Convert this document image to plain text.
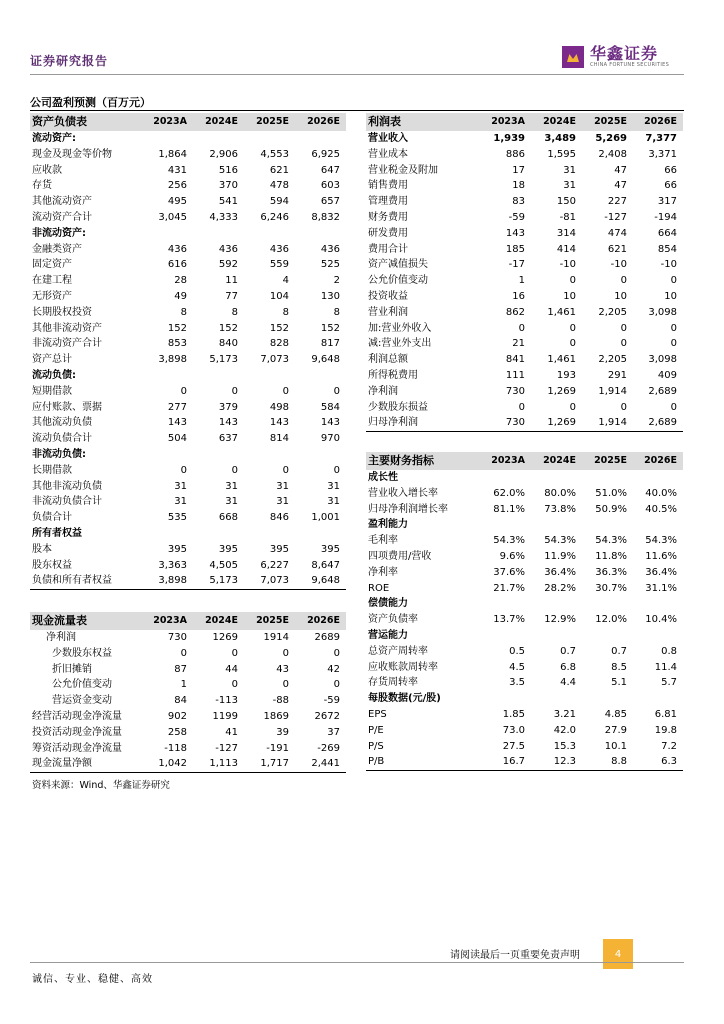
证券研究报告	华鑫证券
CHINA FORTUNE SECURITIES
公司盈利预测（百万元）
资产负债表	2023A	2024E	2025E	2026E
流动资产:				
现金及现金等价物	1,864	2,906	4,553	6,925
应收款	431	516	621	647
存货	256	370	478	603
其他流动资产	495	541	594	657
流动资产合计	3,045	4,333	6,246	8,832
非流动资产:				
金融类资产	436	436	436	436
固定资产	616	592	559	525
在建工程	28	11	4	2
无形资产	49	77	104	130
长期股权投资	8	8	8	8
其他非流动资产	152	152	152	152
非流动资产合计	853	840	828	817
资产总计	3,898	5,173	7,073	9,648
流动负债:				
短期借款	0	0	0	0
应付账款、票据	277	379	498	584
其他流动负债	143	143	143	143
流动负债合计	504	637	814	970
非流动负债:				
长期借款	0	0	0	0
其他非流动负债	31	31	31	31
非流动负债合计	31	31	31	31
负债合计	535	668	846	1,001
所有者权益				
股本	395	395	395	395
股东权益	3,363	4,505	6,227	8,647
负债和所有者权益	3,898	5,173	7,073	9,648
现金流量表	2023A	2024E	2025E	2026E
净利润	730	1269	1914	2689
少数股东权益	0	0	0	0
折旧摊销	87	44	43	42
公允价值变动	1	0	0	0
营运资金变动	84	-113	-88	-59
经营活动现金净流量	902	1199	1869	2672
投资活动现金净流量	258	41	39	37
筹资活动现金净流量	-118	-127	-191	-269
现金流量净额	1,042	1,113	1,717	2,441
利润表	2023A	2024E	2025E	2026E
营业收入	1,939	3,489	5,269	7,377
营业成本	886	1,595	2,408	3,371
营业税金及附加	17	31	47	66
销售费用	18	31	47	66
管理费用	83	150	227	317
财务费用	-59	-81	-127	-194
研发费用	143	314	474	664
费用合计	185	414	621	854
资产减值损失	-17	-10	-10	-10
公允价值变动	1	0	0	0
投资收益	16	10	10	10
营业利润	862	1,461	2,205	3,098
加:营业外收入	0	0	0	0
减:营业外支出	21	0	0	0
利润总额	841	1,461	2,205	3,098
所得税费用	111	193	291	409
净利润	730	1,269	1,914	2,689
少数股东损益	0	0	0	0
归母净利润	730	1,269	1,914	2,689
主要财务指标	2023A	2024E	2025E	2026E
成长性				
营业收入增长率	62.0%	80.0%	51.0%	40.0%
归母净利润增长率	81.1%	73.8%	50.9%	40.5%
盈利能力				
毛利率	54.3%	54.3%	54.3%	54.3%
四项费用/营收	9.6%	11.9%	11.8%	11.6%
净利率	37.6%	36.4%	36.3%	36.4%
ROE	21.7%	28.2%	30.7%	31.1%
偿债能力				
资产负债率	13.7%	12.9%	12.0%	10.4%
营运能力				
总资产周转率	0.5	0.7	0.7	0.8
应收账款周转率	4.5	6.8	8.5	11.4
存货周转率	3.5	4.4	5.1	5.7
每股数据(元/股)				
EPS	1.85	3.21	4.85	6.81
P/E	73.0	42.0	27.9	19.8
P/S	27.5	15.3	10.1	7.2
P/B	16.7	12.3	8.8	6.3
资料来源：Wind、华鑫证券研究
请阅读最后一页重要免责声明	4
诚信、专业、稳健、高效
